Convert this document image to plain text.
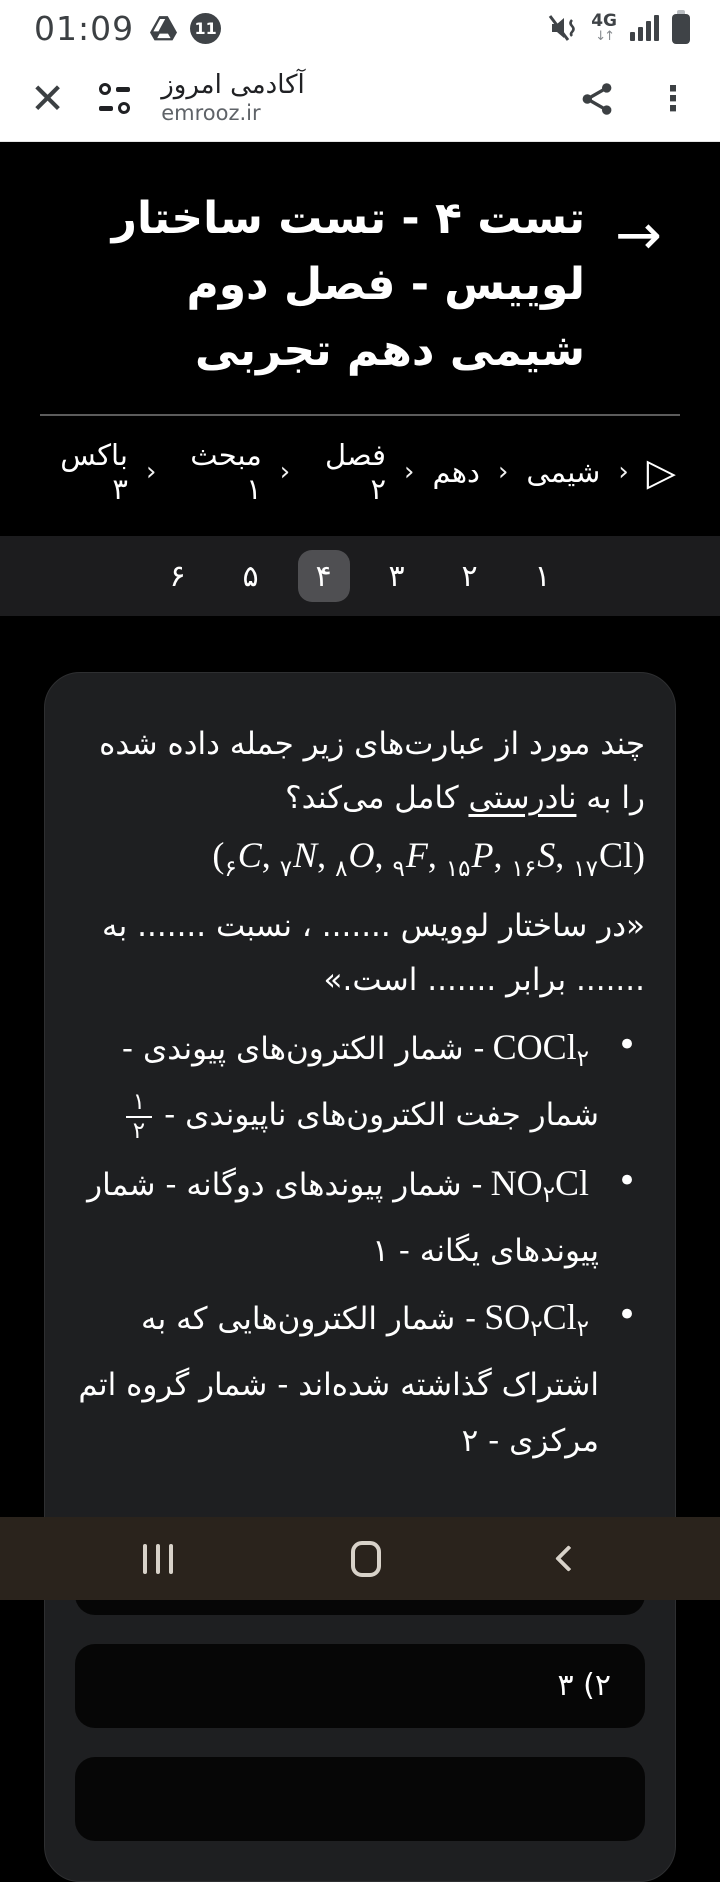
01:09	11	4G
↓↑
✕	آکادمی امروز
emrooz.ir	⋮
→
تست ۴ - تست ساختار لوییس - فصل دوم شیمی دهم تجربی
▷
‹
شیمی
‹
دهم
‹
فصل ۲
‹
مبحث ۱
‹
باکس ۳
۱
۲
۳
۴
۵
۶

چند مورد از عبارت‌های زیر جمله داده شده را به نادرستی کامل می‌کند؟

($_۶C$, $_۷$N, $_۸$O, $_۹$F, $_{۱۵}$P, $_{۱۶}$S, $_{۱۷}$Cl)

«در ساختار لوویس ....... ، نسبت ....... به ....... برابر ....... است.»

• COCl$_۲$- شمار الکترون‌های پیوندی - شمار جفت الکترون‌های ناپیوندی -
$\frac{۱}{۲}$
• $NO_۲Cl-$ شمار پیوندهای دوگانه - شمار پیوندهای یگانه - ۱
• $SO_۲Cl_۲-$ شمار الکترون‌هایی که به اشتراک گذاشته شده‌اند - شمار گروه اتم مرکزی - ۲
۲) ۳
